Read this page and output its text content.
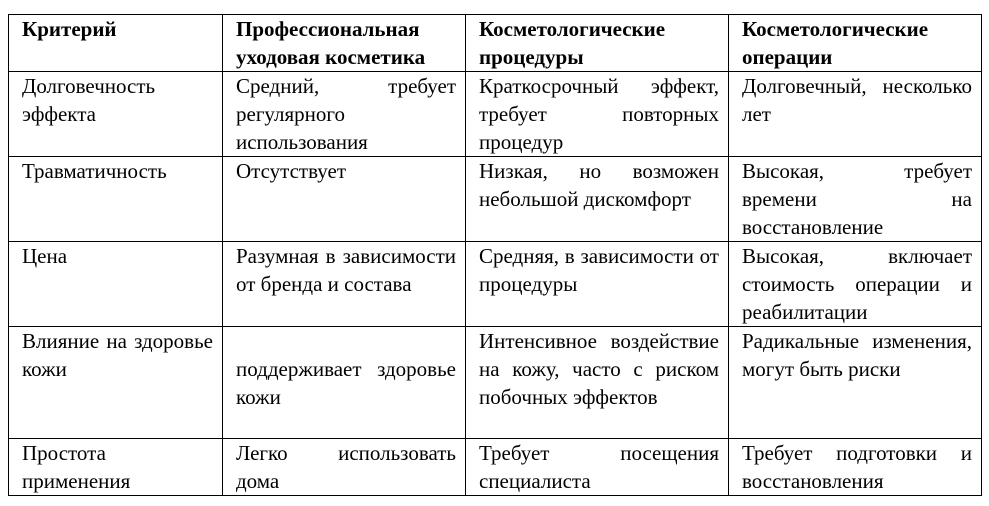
Критерий	Профессиональная уходовая косметика	Косметологические процедуры	Косметологические операции
Долговечность эффекта	Средний, требует регулярного использования	Краткосрочный эффект, требует повторных процедур	Долговечный, несколько лет
Травматичность	Отсутствует	Низкая, но возможен небольшой дискомфорт	Высокая, требует времени на восстановление
Цена	Разумная в зависимости от бренда и состава	Средняя, в зависимости от процедуры	Высокая, включает стоимость операции и реабилитации
Влияние на здоровье кожи	поддерживает здоровье кожи	Интенсивное воздействие на кожу, часто с риском побочных эффектов	Радикальные изменения, могут быть риски
Простота применения	Легко использовать дома	Требует посещения специалиста	Требует подготовки и восстановления
